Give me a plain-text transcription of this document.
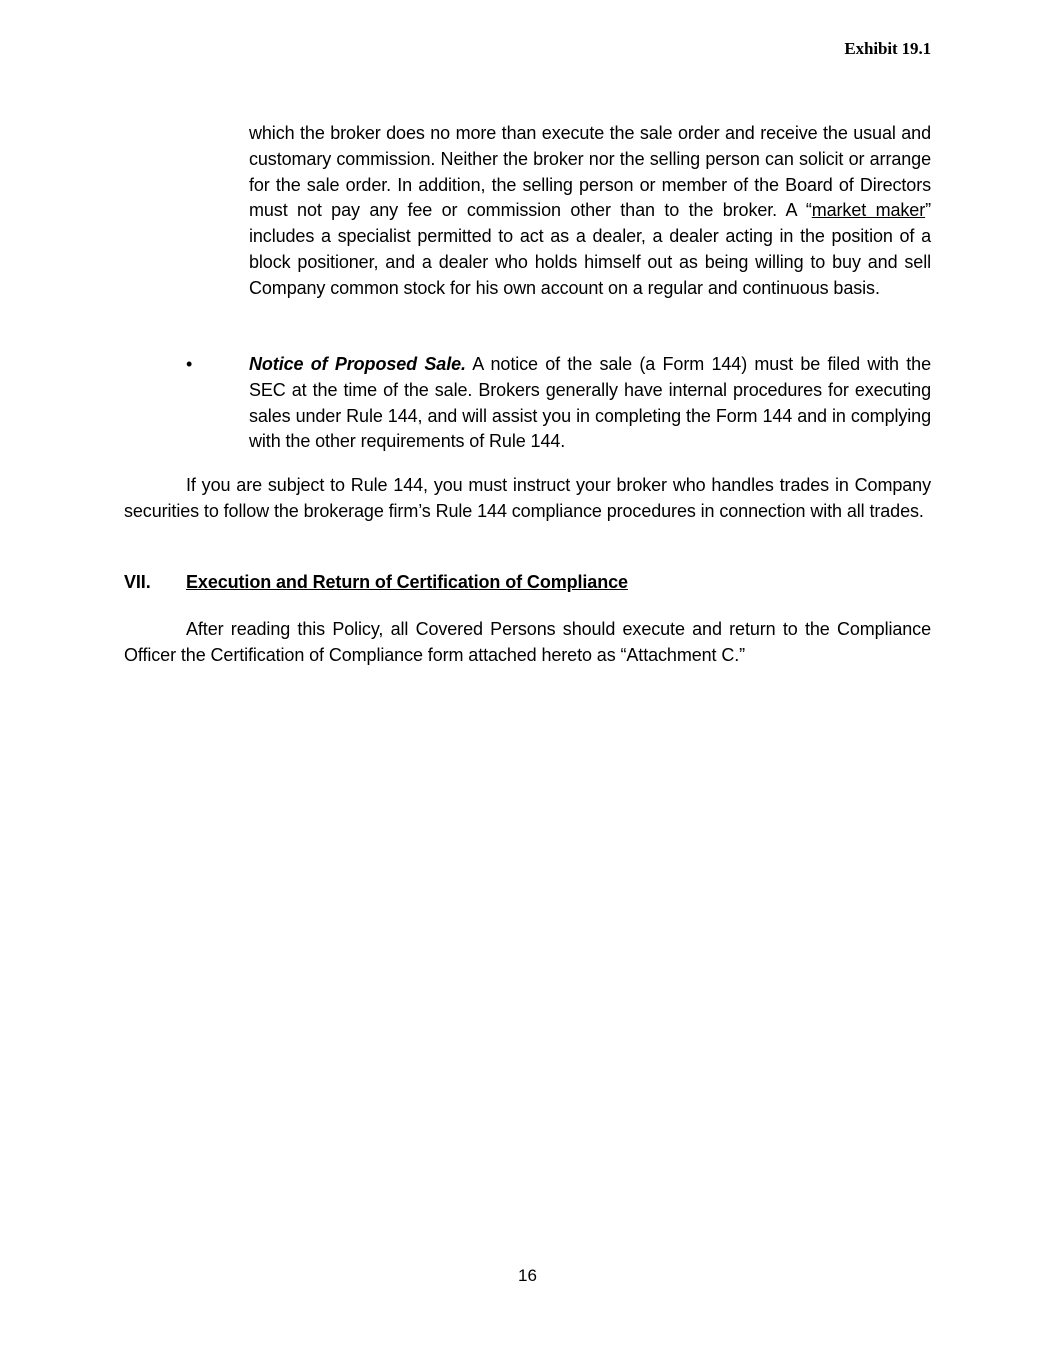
Exhibit 19.1

which the broker does no more than execute the sale order and receive the usual and customary commission. Neither the broker nor the selling person can solicit or arrange for the sale order. In addition, the selling person or member of the Board of Directors must not pay any fee or commission other than to the broker. A “market maker” includes a specialist permitted to act as a dealer, a dealer acting in the position of a block positioner, and a dealer who holds himself out as being willing to buy and sell Company common stock for his own account on a regular and continuous basis.

•	Notice of Proposed Sale. A notice of the sale (a Form 144) must be filed with the SEC at the time of the sale. Brokers generally have internal procedures for executing sales under Rule 144, and will assist you in completing the Form 144 and in complying with the other requirements of Rule 144.

If you are subject to Rule 144, you must instruct your broker who handles trades in Company securities to follow the brokerage firm’s Rule 144 compliance procedures in connection with all trades.

VII.	Execution and Return of Certification of Compliance

After reading this Policy, all Covered Persons should execute and return to the Compliance Officer the Certification of Compliance form attached hereto as “Attachment C.”

16
